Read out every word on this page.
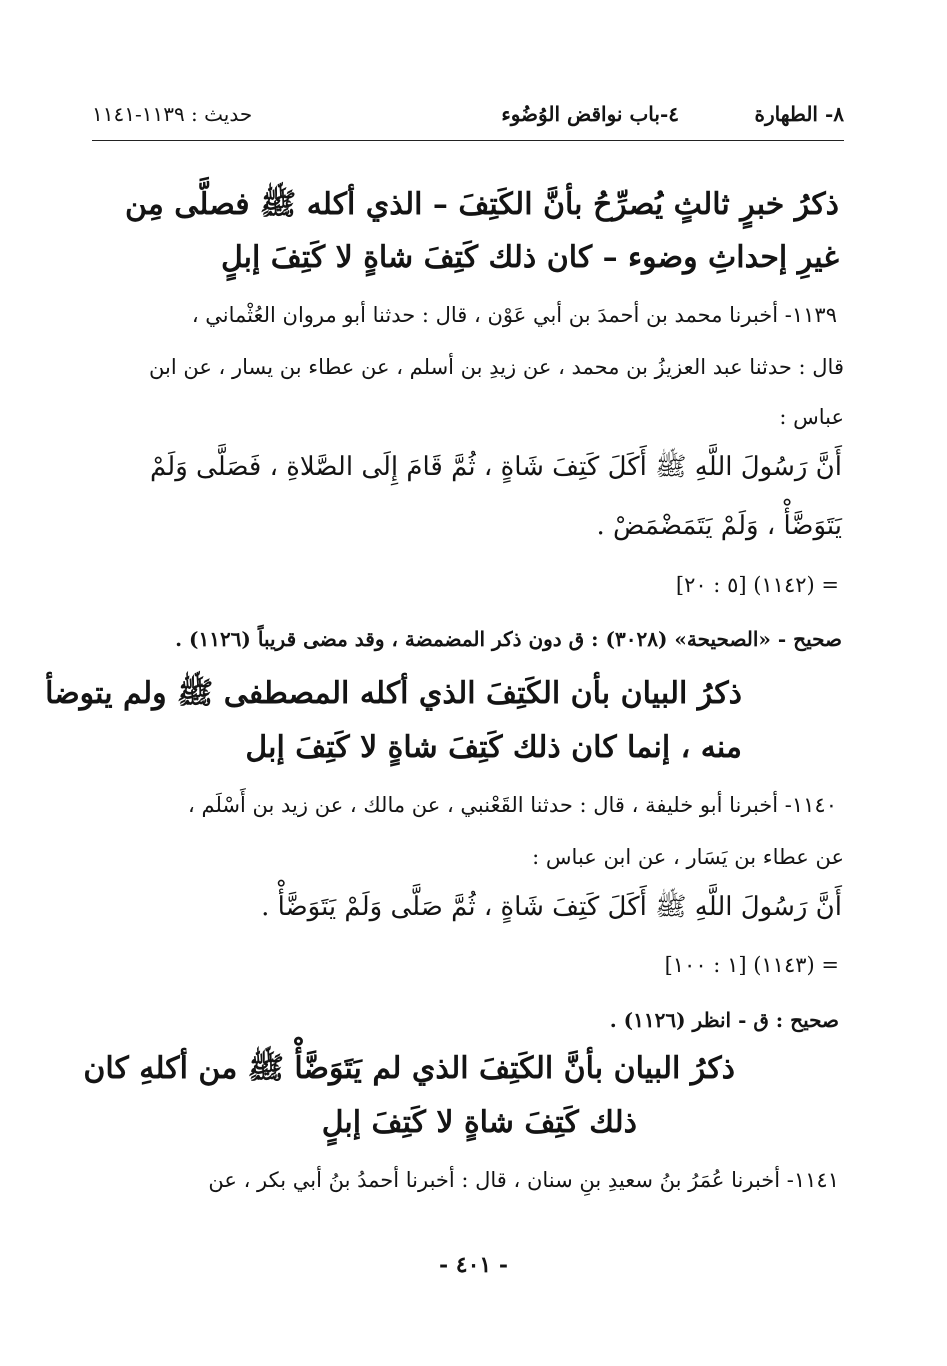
٨- الطهارة
٤-باب نواقض الوُضُوء
حديث : ١١٣٩-١١٤١
ذكرُ خبرٍ ثالثٍ يُصرِّحُ بأنَّ الكَتِفَ – الذي أكله ﷺ فصلَّى مِن
غيرِ إحداثِ وضوء – كان ذلك كَتِفَ شاةٍ لا كَتِفَ إبلٍ
١١٣٩- أخبرنا محمد بن أحمدَ بن أبي عَوْن ، قال : حدثنا أبو مروان العُثْماني ،
قال : حدثنا عبد العزيزُ بن محمد ، عن زيدِ بن أسلم ، عن عطاء بن يسار ، عن ابن
عباس :
أَنَّ رَسُولَ اللَّهِ ﷺ أَكَلَ كَتِفَ شَاةٍ ، ثُمَّ قَامَ إِلَى الصَّلاةِ ، فَصَلَّى وَلَمْ
يَتَوَضَّأْ ، وَلَمْ يَتَمَضْمَضْ .
= (١١٤٢) [٥ : ٢٠]
صحيح - «الصحيحة» (٣٠٢٨) : ق دون ذكر المضمضة ، وقد مضى قريباً (١١٢٦) .
ذكرُ البيان بأن الكَتِفَ الذي أكله المصطفى ﷺ ولم يتوضأ
منه ، إنما كان ذلك كَتِفَ شاةٍ لا كَتِفَ إبل
١١٤٠- أخبرنا أبو خليفة ، قال : حدثنا القَعْنبي ، عن مالك ، عن زيد بن أَسْلَم ،
عن عطاء بن يَسَار ، عن ابن عباس :
أَنَّ رَسُولَ اللَّهِ ﷺ أَكَلَ كَتِفَ شَاةٍ ، ثُمَّ صَلَّى وَلَمْ يَتَوَضَّأْ .
= (١١٤٣) [١ : ١٠٠]
صحيح : ق - انظر (١١٢٦) .
ذكرُ البيان بأنَّ الكَتِفَ الذي لم يَتَوَضَّأْ ﷺ من أكلهِ كان
ذلك كَتِفَ شاةٍ لا كَتِفَ إبلٍ
١١٤١- أخبرنا عُمَرُ بنُ سعيدِ بنِ سنان ، قال : أخبرنا أحمدُ بنُ أبي بكر ، عن
- ٤٠١ -
